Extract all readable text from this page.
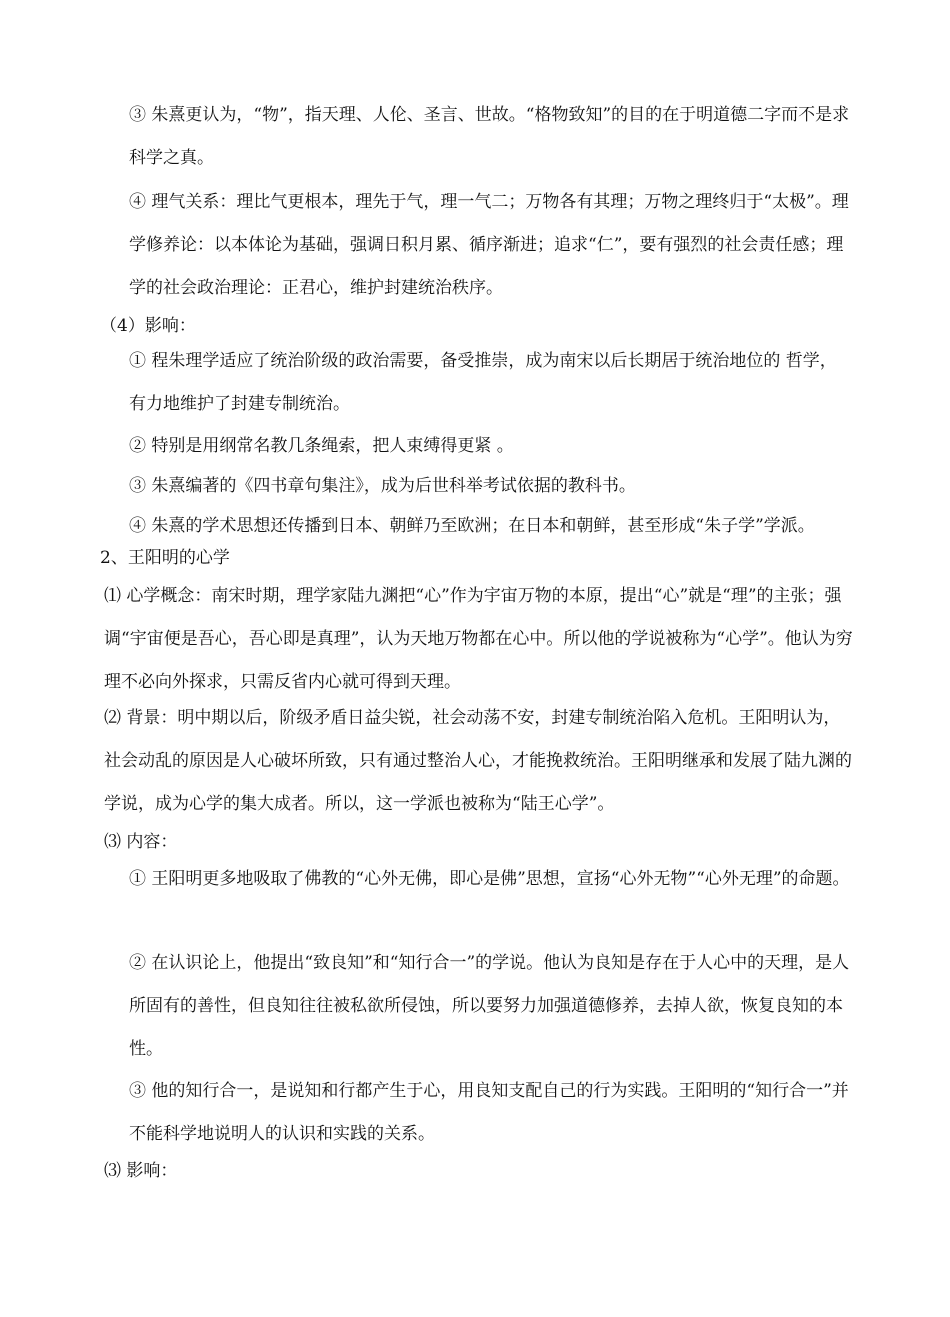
③ 朱熹更认为，“物”，指天理、人伦、圣言、世故。“格物致知”的目的在于明道德二字而不是求科学之真。

④ 理气关系：理比气更根本，理先于气，理一气二；万物各有其理；万物之理终归于“太极”。理学修养论：以本体论为基础，强调日积月累、循序渐进；追求“仁”，要有强烈的社会责任感；理学的社会政治理论：正君心，维护封建统治秩序。

（4）影响：

① 程朱理学适应了统治阶级的政治需要，备受推崇，成为南宋以后长期居于统治地位的 哲学，有力地维护了封建专制统治。

② 特别是用纲常名教几条绳索，把人束缚得更紧 。

③ 朱熹编著的《四书章句集注》，成为后世科举考试依据的教科书。

④ 朱熹的学术思想还传播到日本、朝鲜乃至欧洲；在日本和朝鲜，甚至形成“朱子学”学派。

2、王阳明的心学

⑴ 心学概念：南宋时期，理学家陆九渊把“心”作为宇宙万物的本原，提出“心”就是“理”的主张；强调“宇宙便是吾心，吾心即是真理”，认为天地万物都在心中。所以他的学说被称为“心学”。他认为穷理不必向外探求，只需反省内心就可得到天理。

⑵ 背景：明中期以后，阶级矛盾日益尖锐，社会动荡不安，封建专制统治陷入危机。王阳明认为，社会动乱的原因是人心破坏所致，只有通过整治人心，才能挽救统治。王阳明继承和发展了陆九渊的学说，成为心学的集大成者。所以，这一学派也被称为“陆王心学”。

⑶ 内容：

① 王阳明更多地吸取了佛教的“心外无佛，即心是佛”思想，宣扬“心外无物”“心外无理”的命题。

② 在认识论上，他提出“致良知”和“知行合一”的学说。他认为良知是存在于人心中的天理，是人所固有的善性，但良知往往被私欲所侵蚀，所以要努力加强道德修养，去掉人欲，恢复良知的本性。

③ 他的知行合一，是说知和行都产生于心，用良知支配自己的行为实践。王阳明的“知行合一”并不能科学地说明人的认识和实践的关系。

⑶ 影响：
